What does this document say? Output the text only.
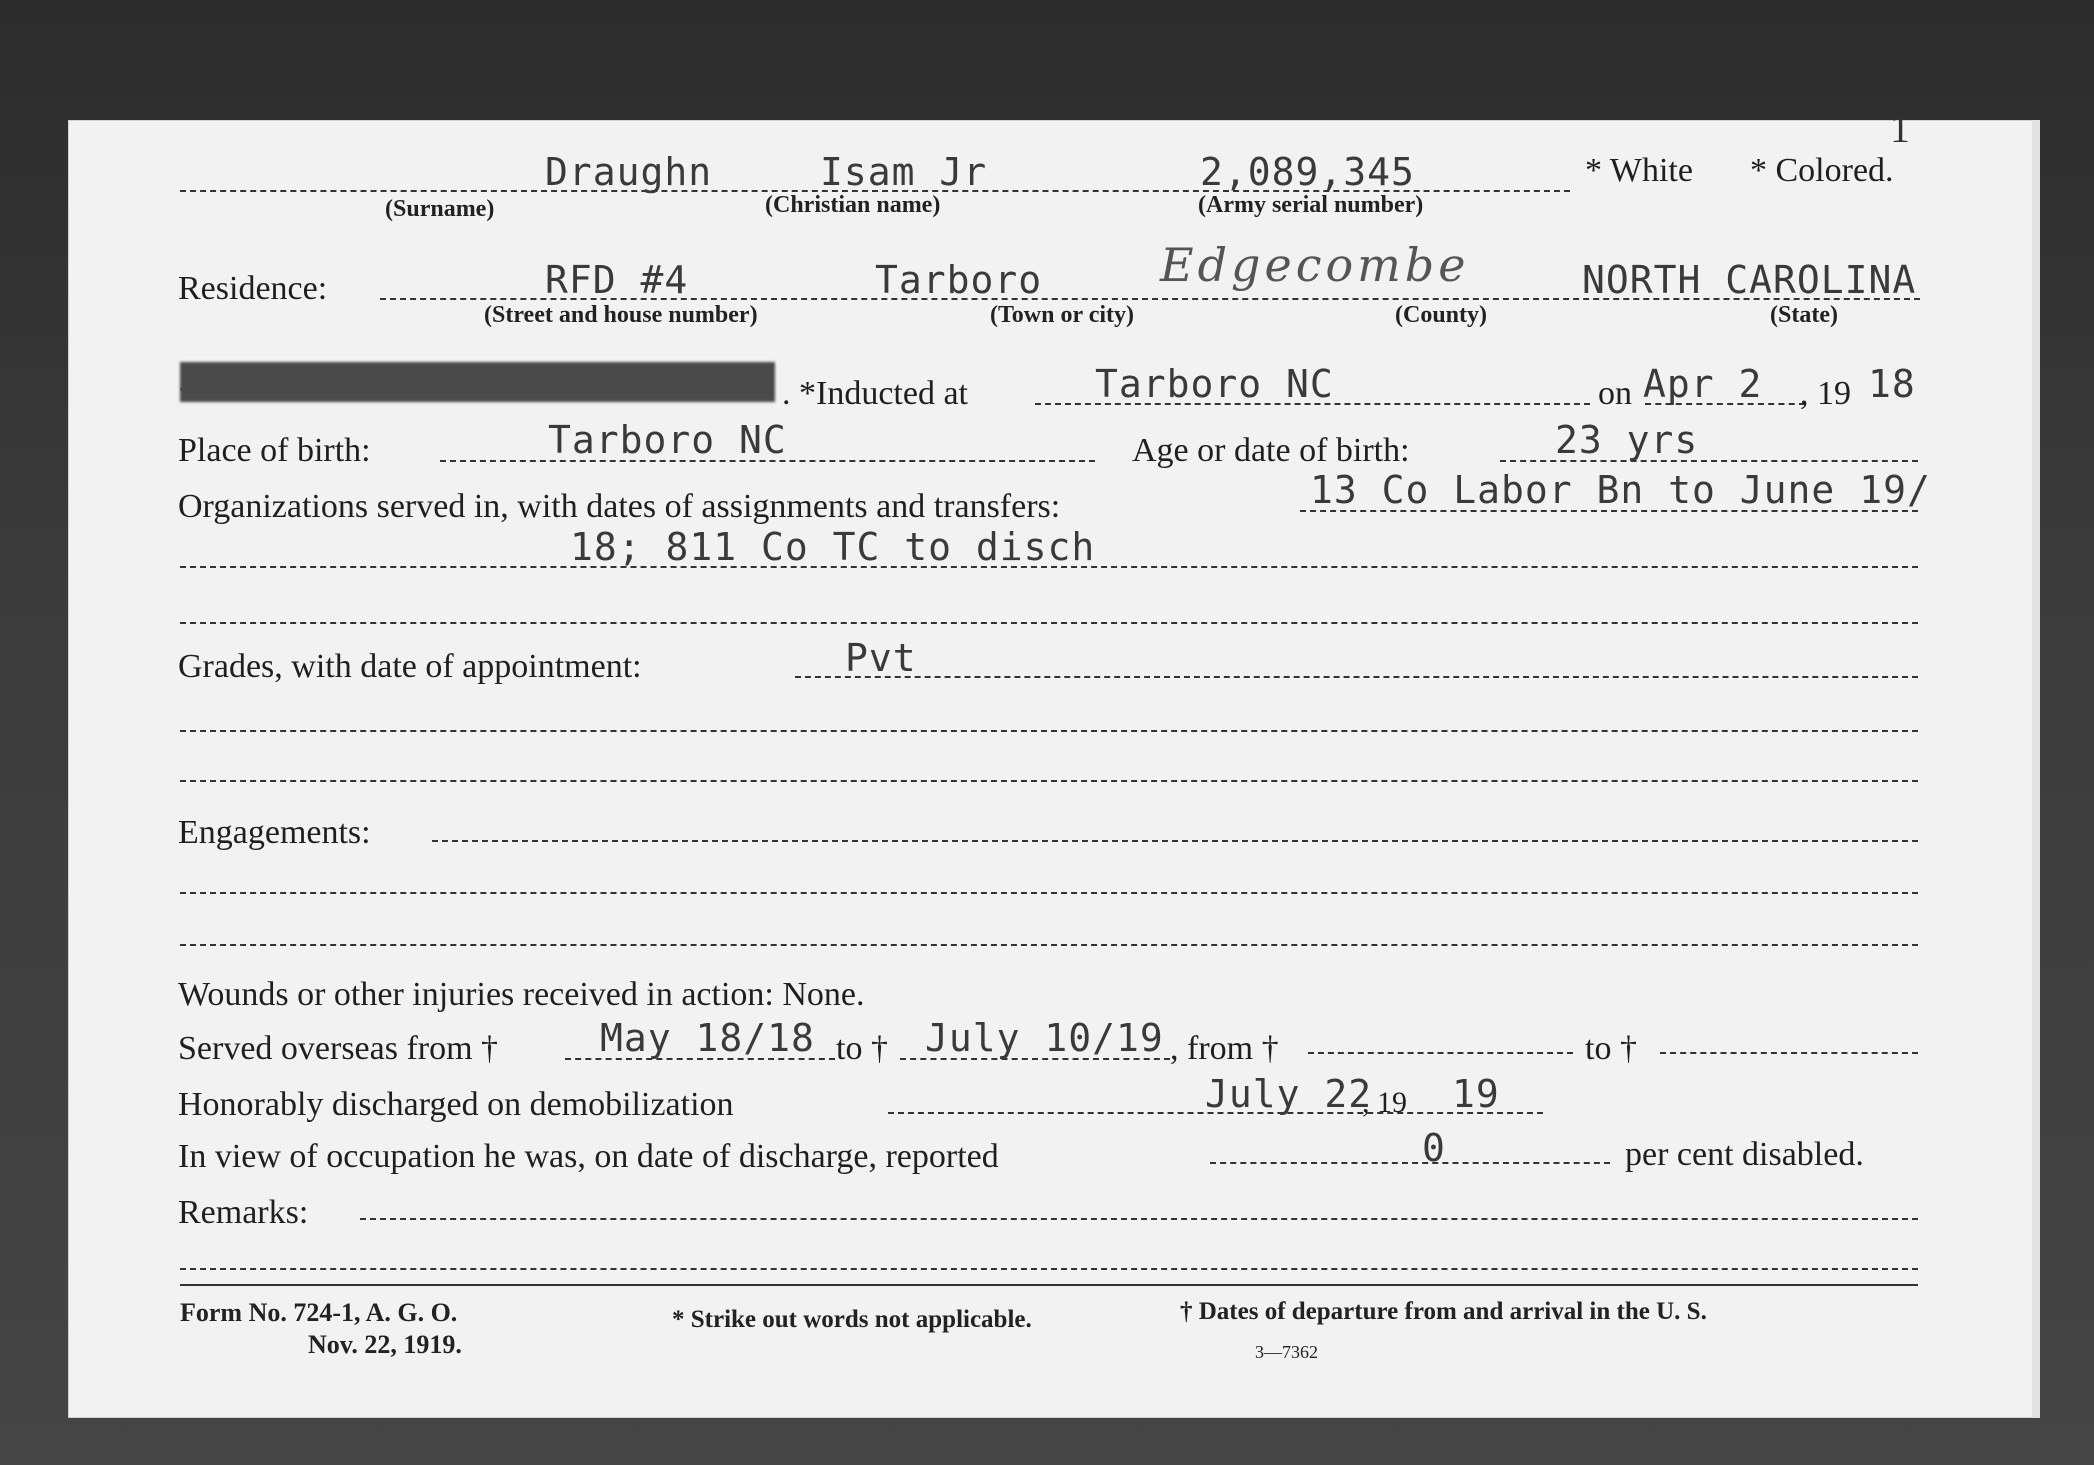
1
Draughn	Isam Jr	2,089,345	* White * Colored.
(Surname)	(Christian name)	(Army serial number)
Residence:	RFD #4	Tarboro	Edgecombe	NORTH CAROLINA
(Street and house number)	(Town or city)	(County)	(State)
. *Inducted at	Tarboro NC	on Apr 2 , 19 18
Place of birth:	Tarboro NC	Age or date of birth:	23 yrs
Organizations served in, with dates of assignments and transfers:	13 Co Labor Bn to June 19/
18; 811 Co TC to disch
Grades, with date of appointment:	Pvt
Engagements:
Wounds or other injuries received in action: None.
Served overseas from †	May 18/18 to † July 10/19 , from †	to †
Honorably discharged on demobilization	July 22
, 19 19
In view of occupation he was, on date of discharge, reported	0	per cent disabled.
Remarks:
Form No. 724-1, A. G. O.
Nov. 22, 1919.
* Strike out words not applicable.	† Dates of departure from and arrival in the U. S.
3—7362
